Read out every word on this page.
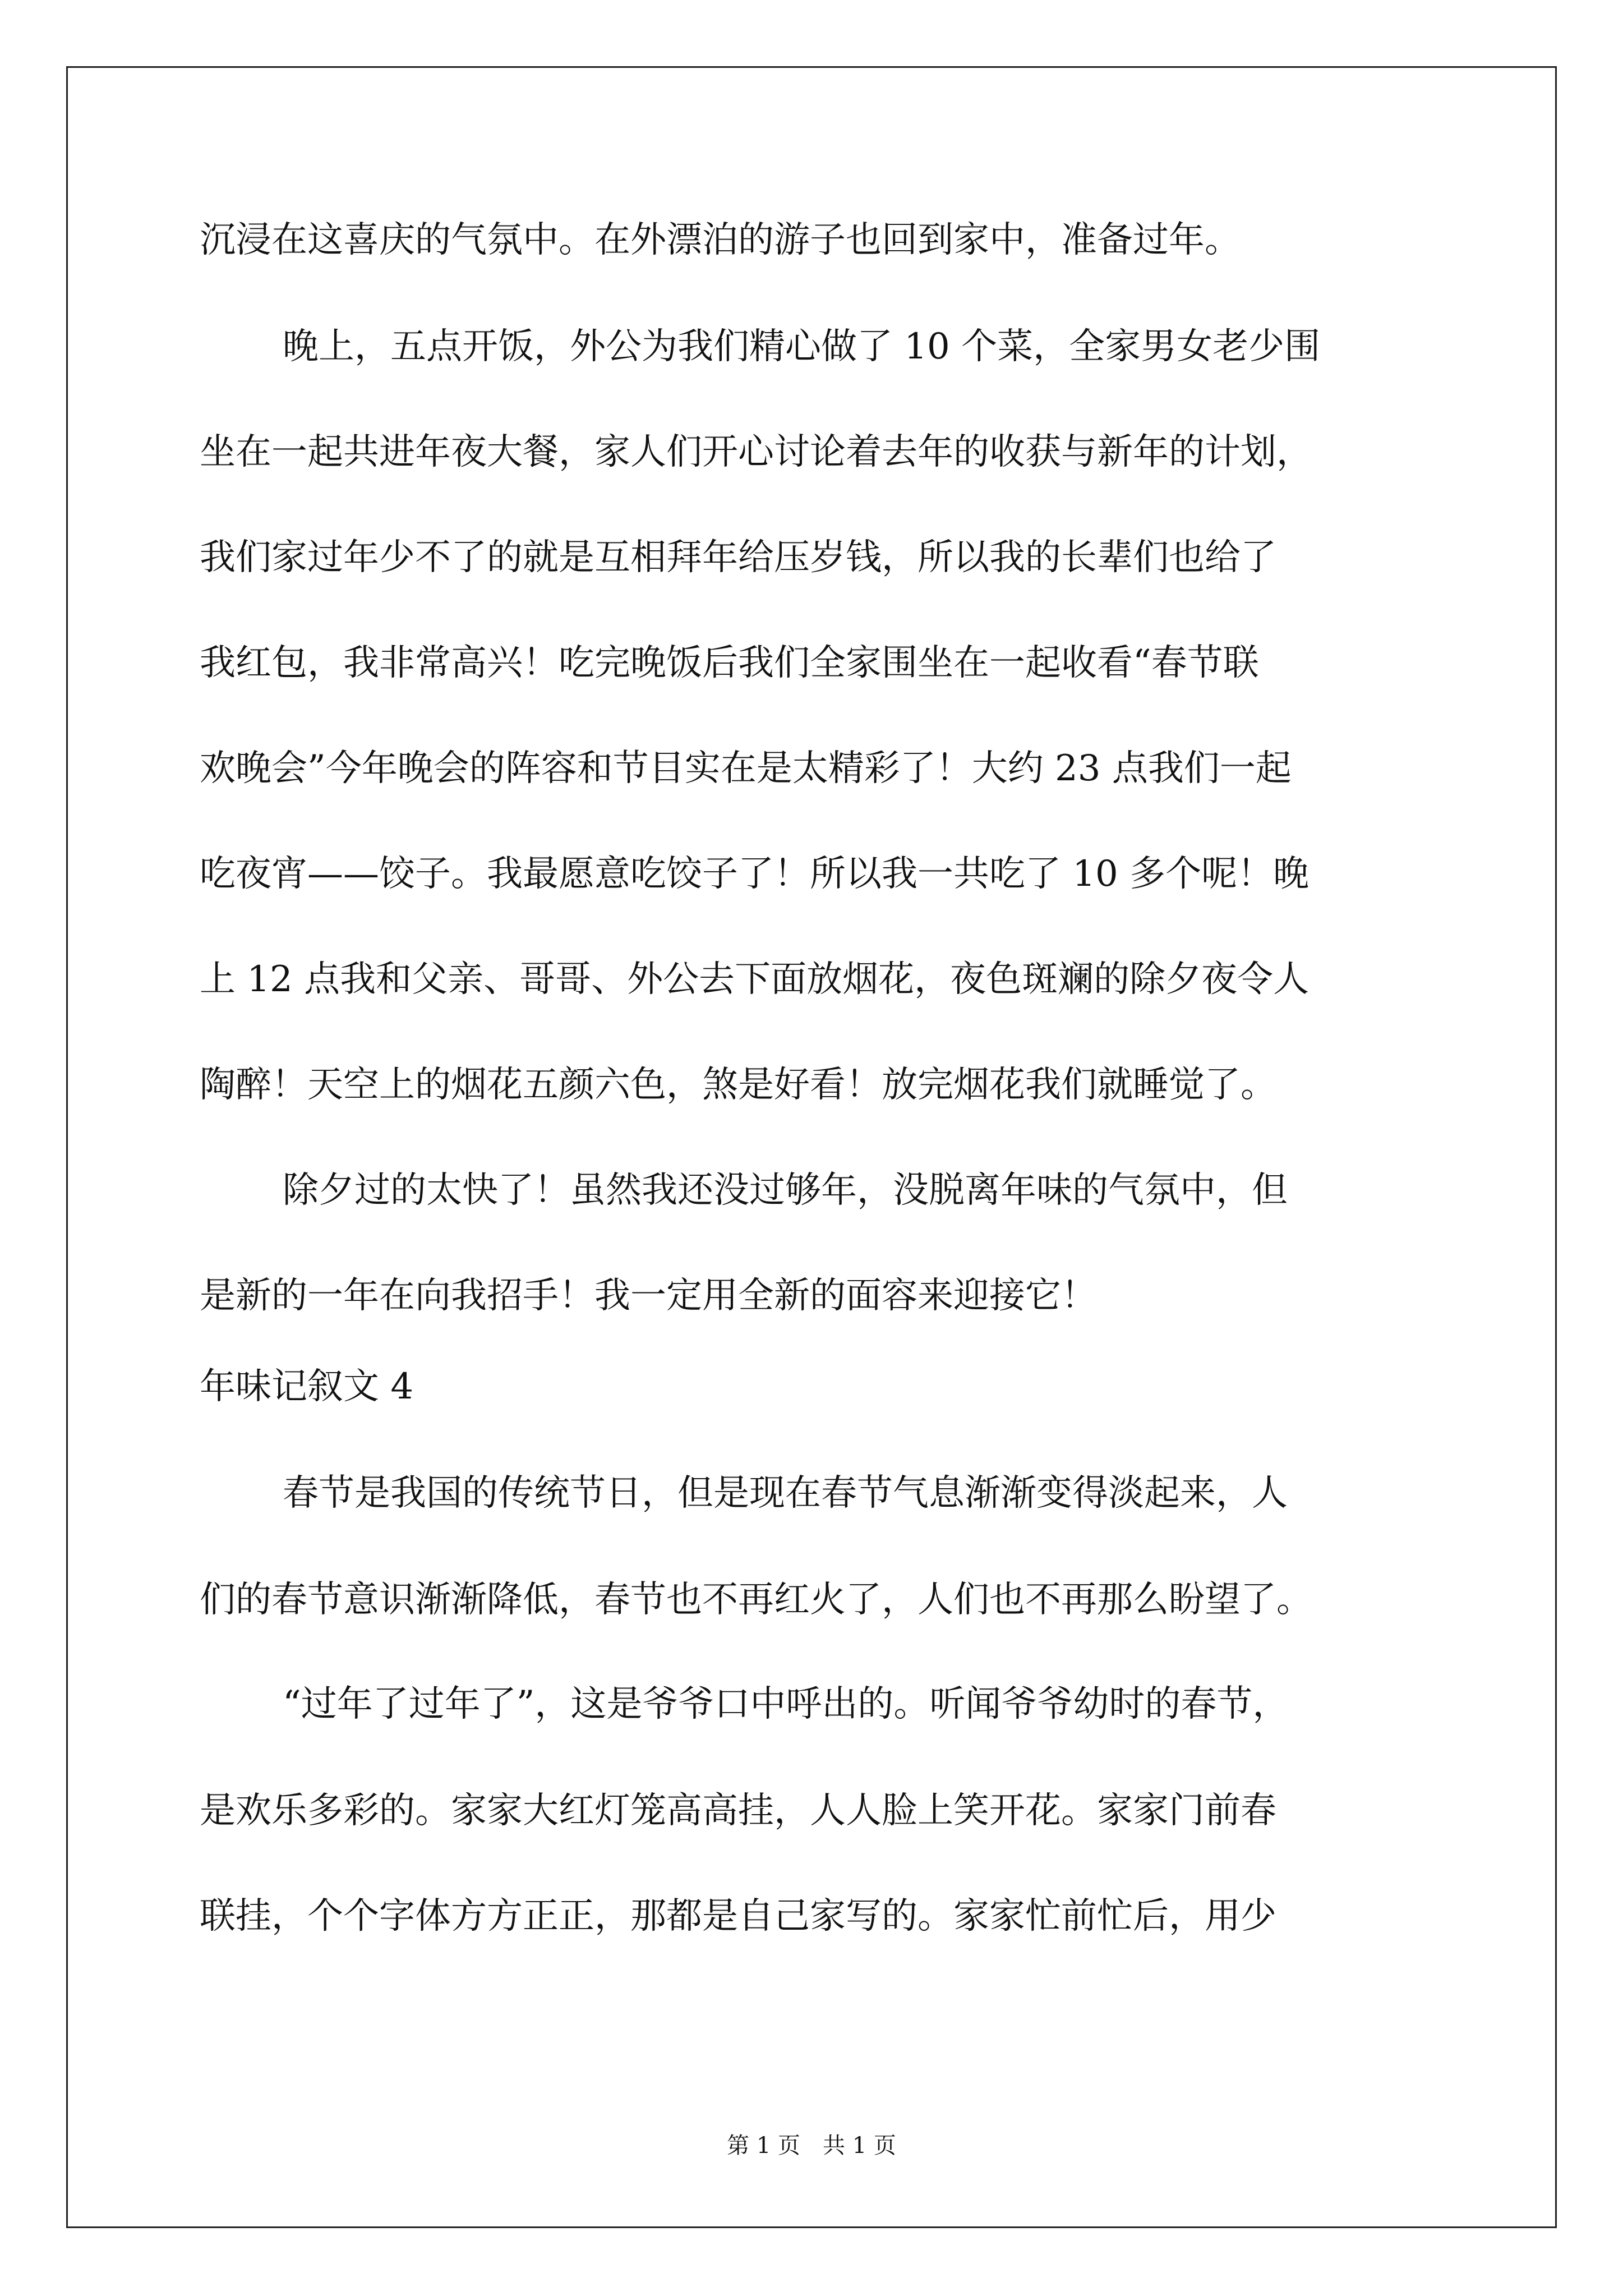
沉浸在这喜庆的气氛中。在外漂泊的游子也回到家中，准备过年。
晚上，五点开饭，外公为我们精心做了 10 个菜，全家男女老少围
坐在一起共进年夜大餐，家人们开心讨论着去年的收获与新年的计划，
我们家过年少不了的就是互相拜年给压岁钱，所以我的长辈们也给了
我红包，我非常高兴！吃完晚饭后我们全家围坐在一起收看“春节联
欢晚会”今年晚会的阵容和节目实在是太精彩了！大约 23 点我们一起
吃夜宵——饺子。我最愿意吃饺子了！所以我一共吃了 10 多个呢！晚
上 12 点我和父亲、哥哥、外公去下面放烟花，夜色斑斓的除夕夜令人
陶醉！天空上的烟花五颜六色，煞是好看！放完烟花我们就睡觉了。
除夕过的太快了！虽然我还没过够年，没脱离年味的气氛中，但
是新的一年在向我招手！我一定用全新的面容来迎接它！
年味记叙文 4
春节是我国的传统节日，但是现在春节气息渐渐变得淡起来，人
们的春节意识渐渐降低，春节也不再红火了，人们也不再那么盼望了。
“过年了过年了”，这是爷爷口中呼出的。听闻爷爷幼时的春节，
是欢乐多彩的。家家大红灯笼高高挂，人人脸上笑开花。家家门前春
联挂，个个字体方方正正，那都是自己家写的。家家忙前忙后，用少
第 1 页　共 1 页
